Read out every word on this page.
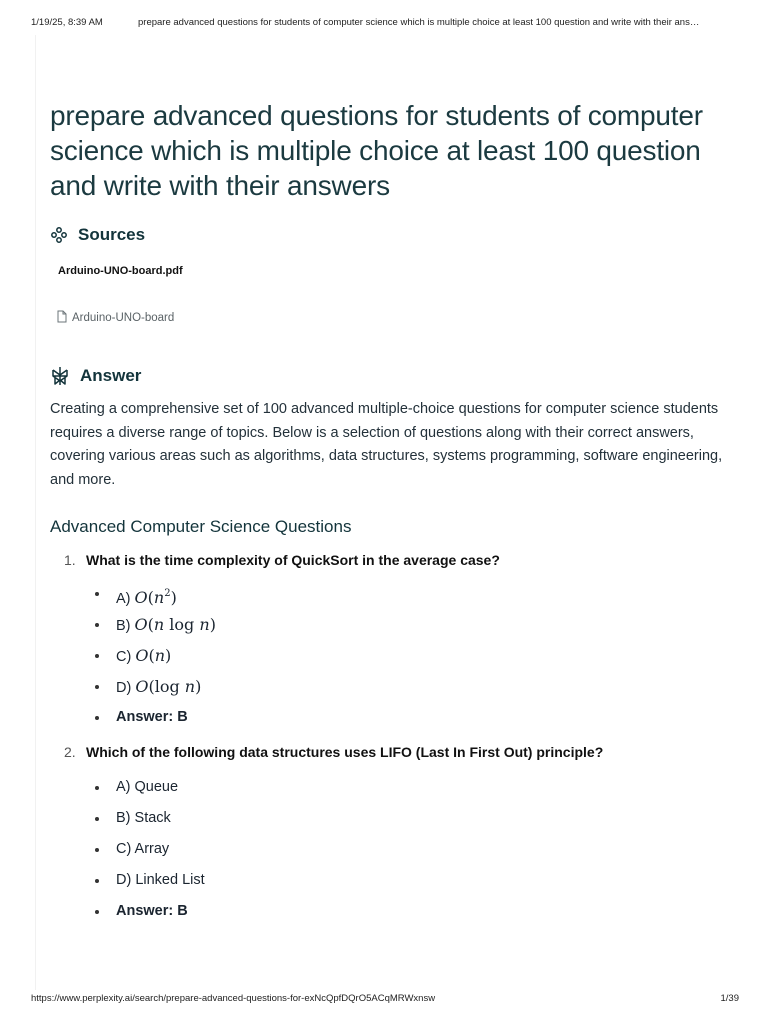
1/19/25, 8:39 AM	prepare advanced questions for students of computer science which is multiple choice at least 100 question and write with their ans…
prepare advanced questions for students of computer science which is multiple choice at least 100 question and write with their answers
Sources
Arduino-UNO-board.pdf
Arduino-UNO-board
Answer

Creating a comprehensive set of 100 advanced multiple-choice questions for computer science students requires a diverse range of topics. Below is a selection of questions along with their correct answers, covering various areas such as algorithms, data structures, systems programming, software engineering, and more.

Advanced Computer Science Questions
1. What is the time complexity of QuickSort in the average case?
A) $O(n^2)$
B) O(n log n)
C) O(n)
D) O(log n)
Answer: B
2. Which of the following data structures uses LIFO (Last In First Out) principle?
A) Queue
B) Stack
C) Array
D) Linked List
Answer: B
https://www.perplexity.ai/search/prepare-advanced-questions-for-exNcQpfDQrO5ACqMRWxnsw	1/39
